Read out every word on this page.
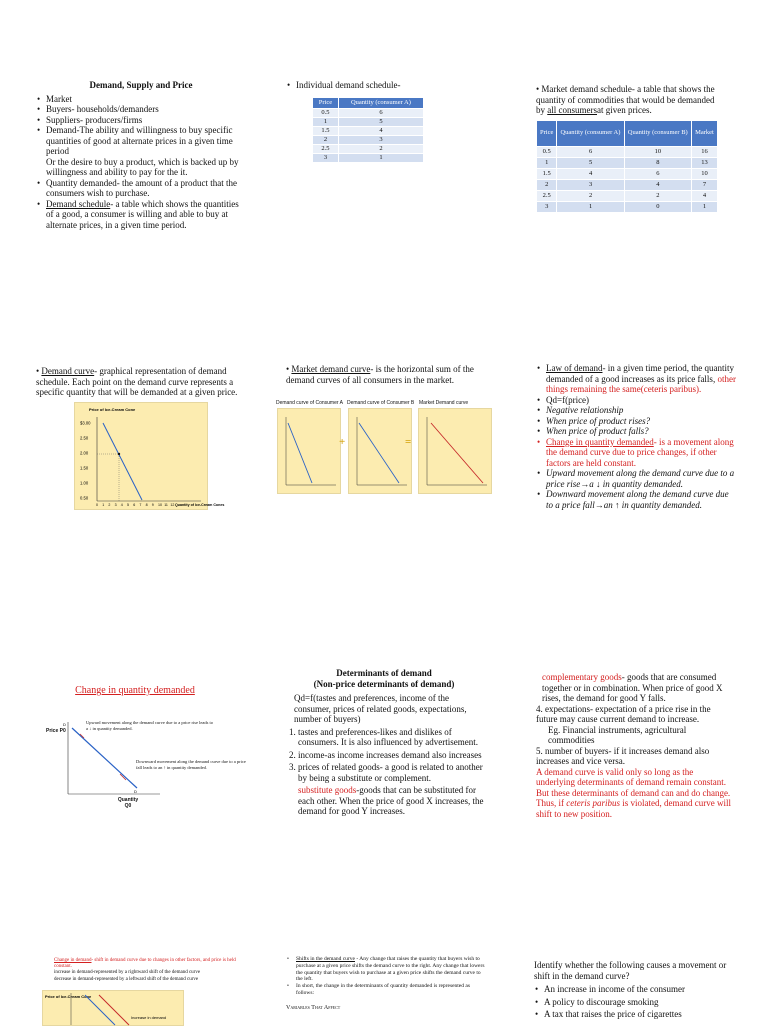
Demand, Supply and Price
• Market
• Buyers- households/demanders
• Suppliers- producers/firms
• Demand-The ability and willingness to buy specific quantities of good at alternate prices in a given time period
Or the desire to buy a product, which is backed up by willingness and ability to pay for the it.
• Quantity demanded- the amount of a product that the consumers wish to purchase.
• Demand schedule- a table which shows the quantities of a good, a consumer is willing and able to buy at alternate prices, in a given time period.
• Individual demand schedule-
Price	Quantity (consumer A)
0.5	6
1	5
1.5	4
2	3
2.5	2
3	1
• Market demand schedule- a table that shows the quantity of commodities that would be demanded by all consumersat given prices.
Price	Quantity (consumer A)	Quantity (consumer B)	Market
0.5	6	10	16
1	5	8	13
1.5	4	6	10
2	3	4	7
2.5	2	2	4
3	1	0	1
• Demand curve- graphical representation of demand schedule. Each point on the demand curve represents a specific quantity that will be demanded at a given price.
Price of Ice-Cream Cone
$3.00
2.50
2.00
1.50
1.00
0.50
0 1 2 3 4 5 6 7 8 9 10 11 12 Quantity of Ice-Cream Cones
• Market demand curve- is the horizontal sum of the demand curves of all consumers in the market.
Demand curve of Consumer A Demand curve of Consumer B Market Demand curve
+	=
• Law of demand- in a given time period, the quantity demanded of a good increases as its price falls, other things remaining the same(ceteris paribus).
• Qd=f(price)
• Negative relationship
• When price of product rises?
• When price of product falls?
• Change in quantity demanded- is a movement along the demand curve due to price changes, if other factors are held constant.
• Upward movement along the demand curve due to a price rise→a ↓ in quantity demanded.
• Downward movement along the demand curve due to a price fall→an ↑ in quantity demanded.
Change in quantity demanded
D
D
Price P0
Upward movement along the demand curve due to a price rise leads to a ↓ in quantity demanded.
Downward movement along the demand curve due to a price fall leads to an ↑ in quantity demanded.
Quantity Q0
Determinants of demand
(Non-price determinants of demand)
Qd=f(tastes and preferences, income of the consumer, prices of related goods, expectations, number of buyers)
1. tastes and preferences-likes and dislikes of consumers. It is also influenced by advertisement.
2. income-as income increases demand also increases
3. prices of related goods- a good is related to another by being a substitute or complement.
substitute goods-goods that can be substituted for each other. When the price of good X increases, the demand for good Y increases.
complementary goods- goods that are consumed together or in combination. When price of good X rises, the demand for good Y falls.
4. expectations- expectation of a price rise in the future may cause current demand to increase.
Eg. Financial instruments, agricultural commodities
5. number of buyers- if it increases demand also increases and vice versa.
A demand curve is valid only so long as the underlying determinants of demand remain constant. But these determinants of demand can and do change. Thus, if ceteris paribus is violated, demand curve will shift to new position.
Change in demand- shift in demand curve due to changes in other factors, and price is held constant.
increase in demand-represented by a rightward shift of the demand curve
decrease in demand-represented by a leftward shift of the demand curve
Price of Ice-Cream Cone
Increase in demand
• Shifts in the demand curve - Any change that raises the quantity that buyers wish to purchase at a given price shifts the demand curve to the right. Any change that lowers the quantity that buyers wish to purchase at a given price shifts the demand curve to the left.
• In short, the change in the determinants of quantity demanded is represented as follows:
Variables That Affect
Identify whether the following causes a movement or shift in the demand curve?
• An increase in income of the consumer
• A policy to discourage smoking
• A tax that raises the price of cigarettes
